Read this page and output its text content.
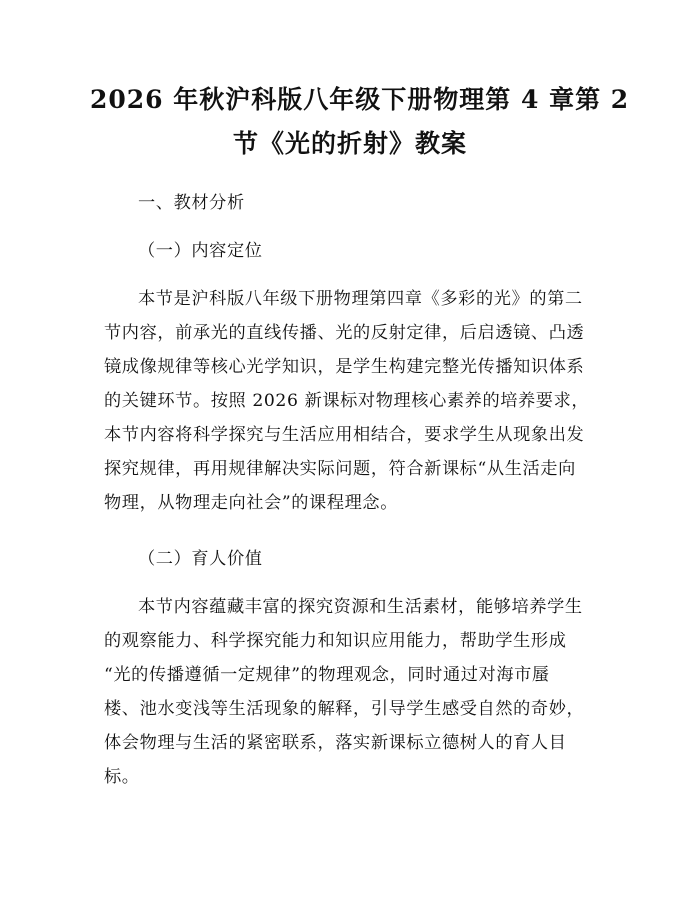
2026 年秋沪科版八年级下册物理第 4 章第 2
节《光的折射》教案
一、教材分析
（一）内容定位
本节是沪科版八年级下册物理第四章《多彩的光》的第二
节内容，前承光的直线传播、光的反射定律，后启透镜、凸透
镜成像规律等核心光学知识，是学生构建完整光传播知识体系
的关键环节。按照 2026 新课标对物理核心素养的培养要求，
本节内容将科学探究与生活应用相结合，要求学生从现象出发
探究规律，再用规律解决实际问题，符合新课标“从生活走向
物理，从物理走向社会”的课程理念。
（二）育人价值
本节内容蕴藏丰富的探究资源和生活素材，能够培养学生
的观察能力、科学探究能力和知识应用能力，帮助学生形成
“光的传播遵循一定规律”的物理观念，同时通过对海市蜃
楼、池水变浅等生活现象的解释，引导学生感受自然的奇妙，
体会物理与生活的紧密联系，落实新课标立德树人的育人目
标。
